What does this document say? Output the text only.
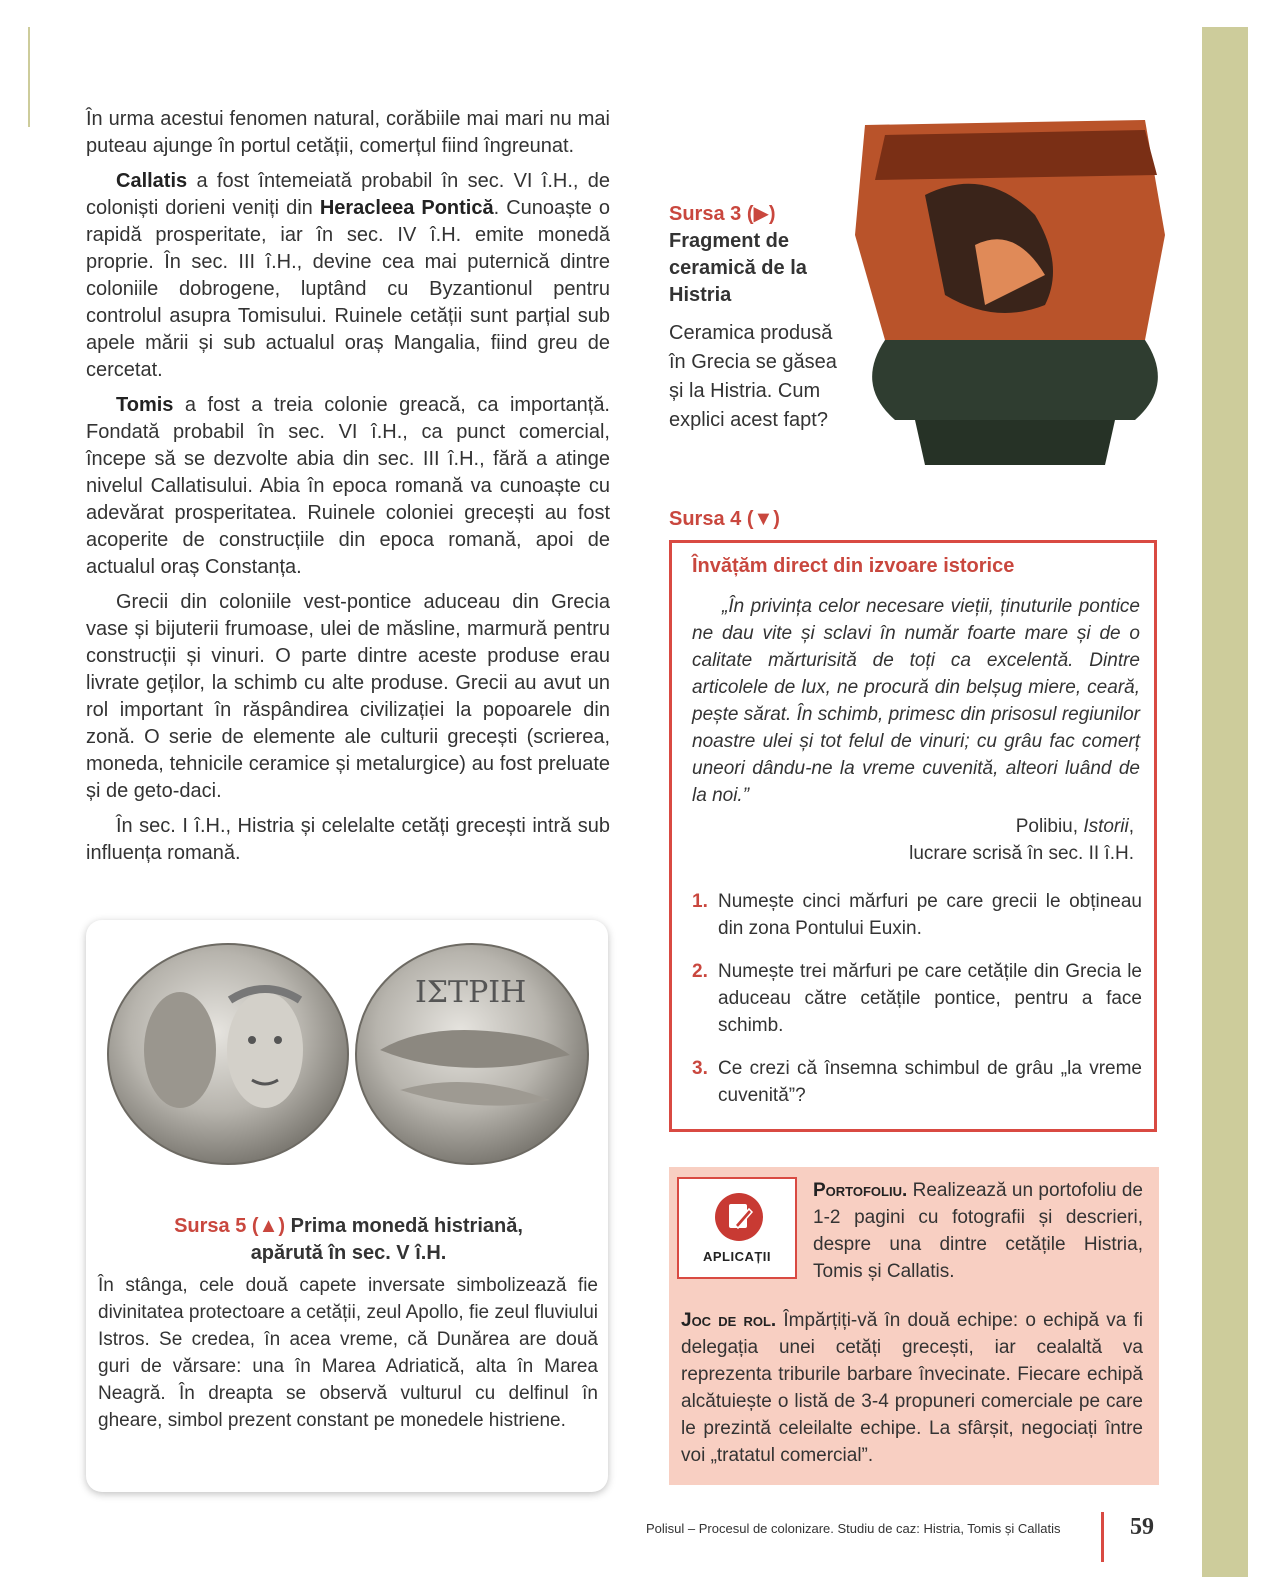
În urma acestui fenomen natural, corăbiile mai mari nu mai puteau ajunge în portul cetății, comerțul fiind îngreunat.

Callatis a fost întemeiată probabil în sec. VI î.H., de coloniști dorieni veniți din Heracleea Pontică. Cunoaște o rapidă prosperitate, iar în sec. IV î.H. emite monedă proprie. În sec. III î.H., devine cea mai puternică dintre coloniile dobrogene, luptând cu Byzantionul pentru controlul asupra Tomisului. Ruinele cetății sunt parțial sub apele mării și sub actualul oraș Mangalia, fiind greu de cercetat.

Tomis a fost a treia colonie greacă, ca importanță. Fondată probabil în sec. VI î.H., ca punct comercial, începe să se dezvolte abia din sec. III î.H., fără a atinge nivelul Callatisului. Abia în epoca romană va cunoaște cu adevărat prosperitatea. Ruinele coloniei grecești au fost acoperite de construcțiile din epoca romană, apoi de actualul oraș Constanța.

Grecii din coloniile vest-pontice aduceau din Grecia vase și bijuterii frumoase, ulei de măsline, marmură pentru construcții și vinuri. O parte dintre aceste produse erau livrate geților, la schimb cu alte produse. Grecii au avut un rol important în răspândirea civilizației la popoarele din zonă. O serie de elemente ale culturii grecești (scrierea, moneda, tehnicile ceramice și metalurgice) au fost preluate și de geto-daci.

În sec. I î.H., Histria și celelalte cetăți grecești intră sub influența romană.

ΙΣΤΡΙΗ
Sursa 5 (▲) Prima monedă histriană,
apărută în sec. V î.H.
În stânga, cele două capete inversate simbolizează fie divinitatea protectoare a cetății, zeul Apollo, fie zeul fluviului Istros. Se credea, în acea vreme, că Dunărea are două guri de vărsare: una în Marea Adriatică, alta în Marea Neagră. În dreapta se observă vulturul cu delfinul în gheare, simbol prezent constant pe monedele histriene.
Sursa 3 (▶)
Fragment de ceramică de la Histria
Ceramica produsă în Grecia se găsea și la Histria. Cum explici acest fapt?
Sursa 4 (▼)
Învățăm direct din izvoare istorice

„În privința celor necesare vieții, ținuturile pontice ne dau vite și sclavi în număr foarte mare și de o calitate mărturisită de toți ca excelentă. Dintre articolele de lux, ne procură din belșug miere, ceară, pește sărat. În schimb, primesc din prisosul regiunilor noastre ulei și tot felul de vinuri; cu grâu fac comerț uneori dându-ne la vreme cuvenită, alteori luând de la noi.”

Polibiu, Istorii,
lucrare scrisă în sec. II î.H.
1. Numește cinci mărfuri pe care grecii le obțineau din zona Pontului Euxin.
2. Numește trei mărfuri pe care cetățile din Grecia le aduceau către cetățile pontice, pentru a face schimb.
3. Ce crezi că însemna schimbul de grâu „la vreme cuvenită”?
APLICAȚII
Portofoliu. Realizează un portofoliu de 1-2 pagini cu fotografii și descrieri, despre una dintre cetățile Histria, Tomis și Callatis.
Joc de rol. Împărțiți-vă în două echipe: o echipă va fi delegația unei cetăți grecești, iar cealaltă va reprezenta triburile barbare învecinate. Fiecare echipă alcătuiește o listă de 3-4 propuneri comerciale pe care le prezintă celeilalte echipe. La sfârșit, negociați între voi „tratatul comercial”.
Polisul – Procesul de colonizare. Studiu de caz: Histria, Tomis și Callatis	59
